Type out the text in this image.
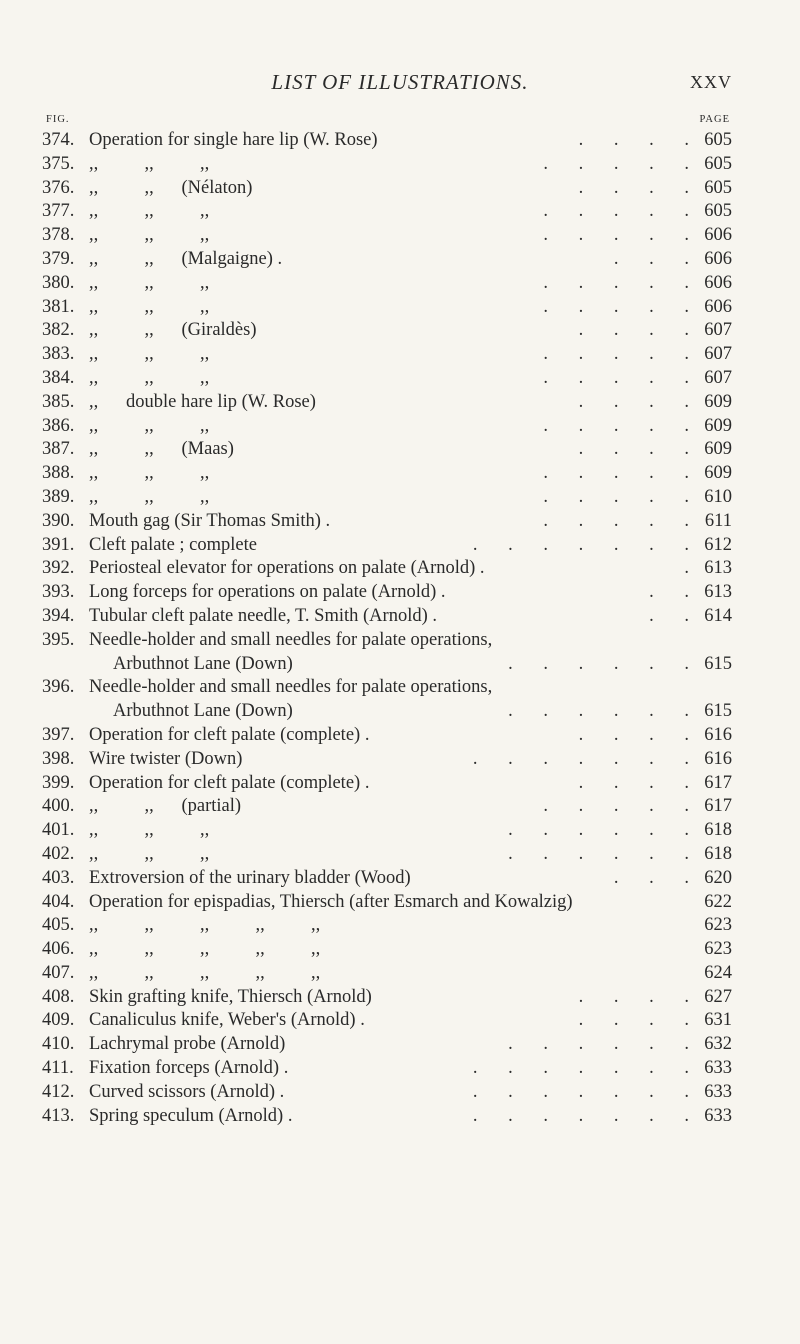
LIST OF ILLUSTRATIONS.	XXV
FIG.	PAGE
374. Operation for single hare lip (W. Rose)	. . . . 605
375. ,,          ,,          ,,	. . . . . 605
376. ,,          ,,      (Nélaton)	. . . . 605
377. ,,          ,,          ,,	. . . . . 605
378. ,,          ,,          ,,	. . . . . 606
379. ,,          ,,      (Malgaigne) .	. . . 606
380. ,,          ,,          ,,	. . . . . 606
381. ,,          ,,          ,,	. . . . . 606
382. ,,          ,,      (Giraldès)	. . . . 607
383. ,,          ,,          ,,	. . . . . 607
384. ,,          ,,          ,,	. . . . . 607
385. ,,      double hare lip (W. Rose)	. . . . 609
386. ,,          ,,          ,,	. . . . . 609
387. ,,          ,,      (Maas)	. . . . 609
388. ,,          ,,          ,,	. . . . . 609
389. ,,          ,,          ,,	. . . . . 610
390. Mouth gag (Sir Thomas Smith) .	. . . . . 611
391. Cleft palate ; complete	. . . . . . . 612
392. Periosteal elevator for operations on palate (Arnold) .	. 613
393. Long forceps for operations on palate (Arnold) .	. . 613
394. Tubular cleft palate needle, T. Smith (Arnold) .	. . 614
395. Needle-holder and small needles for palate operations,
Arbuthnot Lane (Down)	. . . . . . 615
396. Needle-holder and small needles for palate operations,
Arbuthnot Lane (Down)	. . . . . . 615
397. Operation for cleft palate (complete) .	. . . . 616
398. Wire twister (Down)	. . . . . . . 616
399. Operation for cleft palate (complete) .	. . . . 617
400. ,,          ,,      (partial)	. . . . . 617
401. ,,          ,,          ,,	. . . . . . 618
402. ,,          ,,          ,,	. . . . . . 618
403. Extroversion of the urinary bladder (Wood)	. . . 620
404. Operation for epispadias, Thiersch (after Esmarch and Kowalzig)	622
405. ,,          ,,          ,,          ,,          ,,	623
406. ,,          ,,          ,,          ,,          ,,	623
407. ,,          ,,          ,,          ,,          ,,	624
408. Skin grafting knife, Thiersch (Arnold)	. . . . 627
409. Canaliculus knife, Weber's (Arnold) .	. . . . 631
410. Lachrymal probe (Arnold)	. . . . . . 632
411. Fixation forceps (Arnold) .	. . . . . . . 633
412. Curved scissors (Arnold) .	. . . . . . . 633
413. Spring speculum (Arnold) .	. . . . . . . 633
